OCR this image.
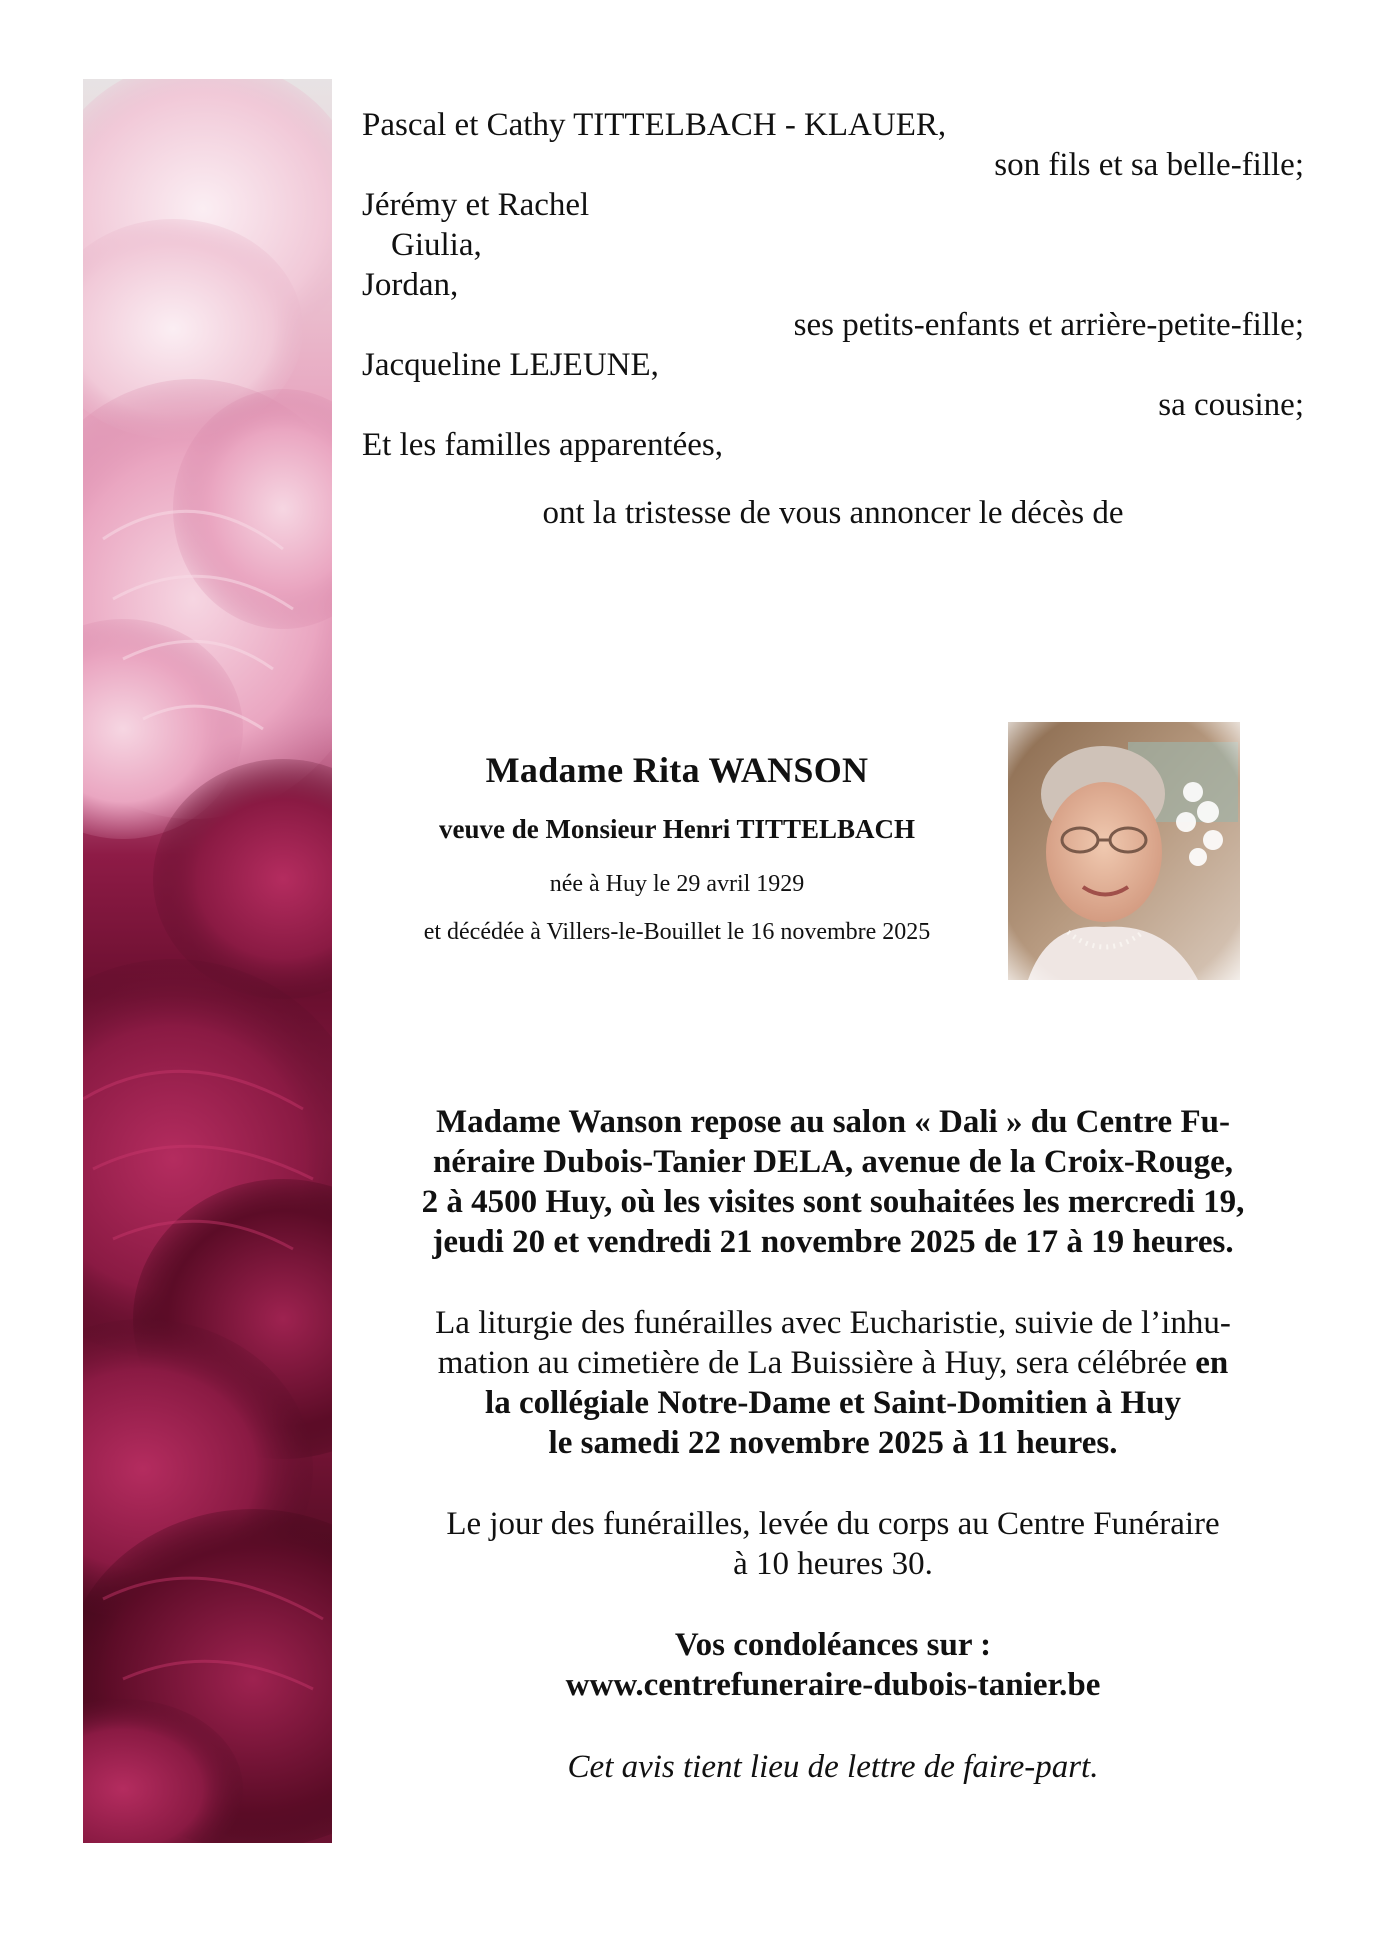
Pascal et Cathy TITTELBACH - KLAUER,
son fils et sa belle-fille;
Jérémy et Rachel
Giulia,
Jordan,
ses petits-enfants et arrière-petite-fille;
Jacqueline LEJEUNE,
sa cousine;
Et les familles apparentées,
ont la tristesse de vous annoncer le décès de
Madame Rita WANSON
veuve de Monsieur Henri TITTELBACH
née à Huy le 29 avril 1929
et décédée à Villers-le-Bouillet le 16 novembre 2025
Madame Wanson repose au salon « Dali » du Centre Fu-
néraire Dubois-Tanier DELA, avenue de la Croix-Rouge,
2 à 4500 Huy, où les visites sont souhaitées les mercredi 19,
jeudi 20 et vendredi 21 novembre 2025 de 17 à 19 heures.
La liturgie des funérailles avec Eucharistie, suivie de l’inhu-
mation au cimetière de La Buissière à Huy, sera célébrée en
la collégiale Notre-Dame et Saint-Domitien à Huy
le samedi 22 novembre 2025 à 11 heures.
Le jour des funérailles, levée du corps au Centre Funéraire
à 10 heures 30.
Vos condoléances sur :
www.centrefuneraire-dubois-tanier.be
Cet avis tient lieu de lettre de faire-part.
